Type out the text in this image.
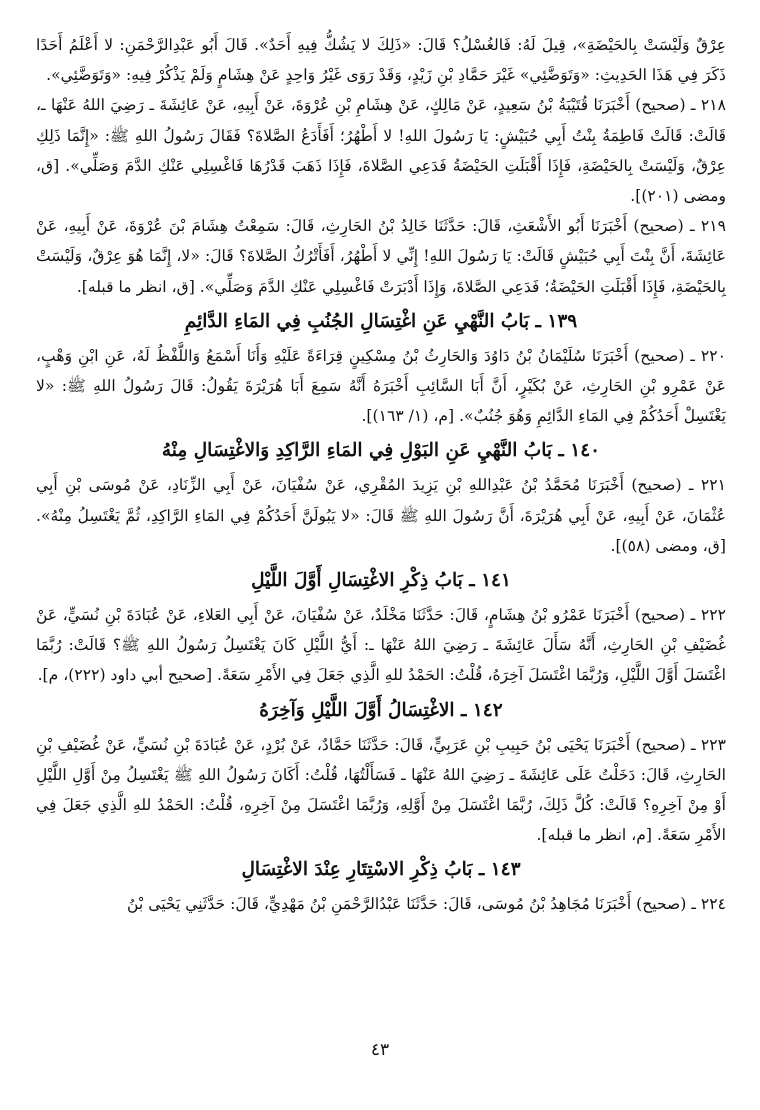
عِرْقٌ وَلَيْسَتْ بِالحَيْضَةِ»، قِيلَ لَهُ: فَالغُسْلُ؟ قَالَ: «ذَلِكَ لا يَشُكُّ فِيهِ أَحَدٌ». قَالَ أَبُو عَبْدِالرَّحْمَنِ: لا أَعْلَمُ أَحَدًا ذَكَرَ فِي هَذَا الحَدِيثِ: «وَتَوَضَّئِي» غَيْرَ حَمَّادِ بْنِ زَيْدٍ، وَقَدْ رَوَى غَيْرُ وَاحِدٍ عَنْ هِشَامٍ وَلَمْ يَذْكُرْ فِيهِ: «وَتَوَضَّئِي».

٢١٨ ـ (صحيح) أَخْبَرَنَا قُتَيْبَةُ بْنُ سَعِيدٍ، عَنْ مَالِكٍ، عَنْ هِشَامِ بْنِ عُرْوَةَ، عَنْ أَبِيهِ، عَنْ عَائِشَةَ ـ رَضِيَ اللهُ عَنْهَا ـ، قَالَتْ: قَالَتْ فَاطِمَةُ بِنْتُ أَبِي حُبَيْشٍ: يَا رَسُولَ اللهِ! لا أَطْهُرُ؛ أَفَأَدَعُ الصَّلاةَ؟ فَقَالَ رَسُولُ اللهِ ﷺ: «إِنَّمَا ذَلِكِ عِرْقٌ، وَلَيْسَتْ بِالحَيْضَةِ، فَإِذَا أَقْبَلَتِ الحَيْضَةُ فَدَعِي الصَّلاةَ، فَإِذَا ذَهَبَ قَدْرُهَا فَاغْسِلِي عَنْكِ الدَّمَ وَصَلِّي». [ق، ومضى (٢٠١)].

٢١٩ ـ (صحيح) أَخْبَرَنَا أَبُو الأَشْعَثِ، قَالَ: حَدَّثَنَا خَالِدُ بْنُ الحَارِثِ، قَالَ: سَمِعْتُ هِشَامَ بْنَ عُرْوَةَ، عَنْ أَبِيهِ، عَنْ عَائِشَةَ، أَنَّ بِنْتَ أَبِي حُبَيْشٍ قَالَتْ: يَا رَسُولَ اللهِ! إِنِّي لا أَطْهُرُ، أَفَأَتْرُكُ الصَّلاةَ؟ قَالَ: «لا، إِنَّمَا هُوَ عِرْقٌ، وَلَيْسَتْ بِالحَيْضَةِ، فَإِذَا أَقْبَلَتِ الحَيْضَةُ؛ فَدَعِي الصَّلاةَ، وَإِذَا أَدْبَرَتْ فَاغْسِلِي عَنْكِ الدَّمَ وَصَلِّي». [ق، انظر ما قبله].

١٣٩ ـ بَابُ النَّهْيِ عَنِ اغْتِسَالِ الجُنُبِ فِي المَاءِ الدَّائِمِ

٢٢٠ ـ (صحيح) أَخْبَرَنَا سُلَيْمَانُ بْنُ دَاوُدَ وَالحَارِثُ بْنُ مِسْكِينٍ قِرَاءَةً عَلَيْهِ وَأَنَا أَسْمَعُ وَاللَّفْظُ لَهُ، عَنِ ابْنِ وَهْبٍ، عَنْ عَمْرِو بْنِ الحَارِثِ، عَنْ بُكَيْرٍ، أَنَّ أَبَا السَّائِبِ أَخْبَرَهُ أَنَّهُ سَمِعَ أَبَا هُرَيْرَةَ يَقُولُ: قَالَ رَسُولُ اللهِ ﷺ: «لا يَغْتَسِلْ أَحَدُكُمْ فِي المَاءِ الدَّائِمِ وَهُوَ جُنُبٌ». [م، (١/ ١٦٣)].

١٤٠ ـ بَابُ النَّهْيِ عَنِ البَوْلِ فِي المَاءِ الرَّاكِدِ وَالاغْتِسَالِ مِنْهُ

٢٢١ ـ (صحيح) أَخْبَرَنَا مُحَمَّدُ بْنُ عَبْدِاللهِ بْنِ يَزِيدَ المُقْرِي، عَنْ سُفْيَانَ، عَنْ أَبِي الزِّنَادِ، عَنْ مُوسَى بْنِ أَبِي عُثْمَانَ، عَنْ أَبِيهِ، عَنْ أَبِي هُرَيْرَةَ، أَنَّ رَسُولَ اللهِ ﷺ قَالَ: «لا يَبُولَنَّ أَحَدُكُمْ فِي المَاءِ الرَّاكِدِ، ثُمَّ يَغْتَسِلُ مِنْهُ». [ق، ومضى (٥٨)].

١٤١ ـ بَابُ ذِكْرِ الاغْتِسَالِ أَوَّلَ اللَّيْلِ

٢٢٢ ـ (صحيح) أَخْبَرَنَا عَمْرُو بْنُ هِشَامٍ، قَالَ: حَدَّثَنَا مَخْلَدٌ، عَنْ سُفْيَانَ، عَنْ أَبِي العَلاءِ، عَنْ عُبَادَةَ بْنِ نُسَيٍّ، عَنْ غُضَيْفِ بْنِ الحَارِثِ، أَنَّهُ سَأَلَ عَائِشَةَ ـ رَضِيَ اللهُ عَنْهَا ـ: أَيُّ اللَّيْلِ كَانَ يَغْتَسِلُ رَسُولُ اللهِ ﷺ؟ قَالَتْ: رُبَّمَا اغْتَسَلَ أَوَّلَ اللَّيْلِ، وَرُبَّمَا اغْتَسَلَ آخِرَهُ، قُلْتُ: الحَمْدُ للهِ الَّذِي جَعَلَ فِي الأَمْرِ سَعَةً. [صحيح أبي داود (٢٢٢)، م].

١٤٢ ـ الاغْتِسَالُ أَوَّلَ اللَّيْلِ وَآخِرَهُ

٢٢٣ ـ (صحيح) أَخْبَرَنَا يَحْيَى بْنُ حَبِيبِ بْنِ عَرَبِيٍّ، قَالَ: حَدَّثَنَا حَمَّادٌ، عَنْ بُرْدٍ، عَنْ عُبَادَةَ بْنِ نُسَيٍّ، عَنْ غُضَيْفِ بْنِ الحَارِثِ، قَالَ: دَخَلْتُ عَلَى عَائِشَةَ ـ رَضِيَ اللهُ عَنْهَا ـ فَسَأَلْتُهَا، قُلْتُ: أَكَانَ رَسُولُ اللهِ ﷺ يَغْتَسِلُ مِنْ أَوَّلِ اللَّيْلِ أَوْ مِنْ آخِرِهِ؟ قَالَتْ: كُلَّ ذَلِكَ، رُبَّمَا اغْتَسَلَ مِنْ أَوَّلِهِ، وَرُبَّمَا اغْتَسَلَ مِنْ آخِرِهِ، قُلْتُ: الحَمْدُ للهِ الَّذِي جَعَلَ فِي الأَمْرِ سَعَةً. [م، انظر ما قبله].

١٤٣ ـ بَابُ ذِكْرِ الاسْتِتَارِ عِنْدَ الاغْتِسَالِ

٢٢٤ ـ (صحيح) أَخْبَرَنَا مُجَاهِدُ بْنُ مُوسَى، قَالَ: حَدَّثَنَا عَبْدُالرَّحْمَنِ بْنُ مَهْدِيٍّ، قَالَ: حَدَّثَنِي يَحْيَى بْنُ

٤٣
